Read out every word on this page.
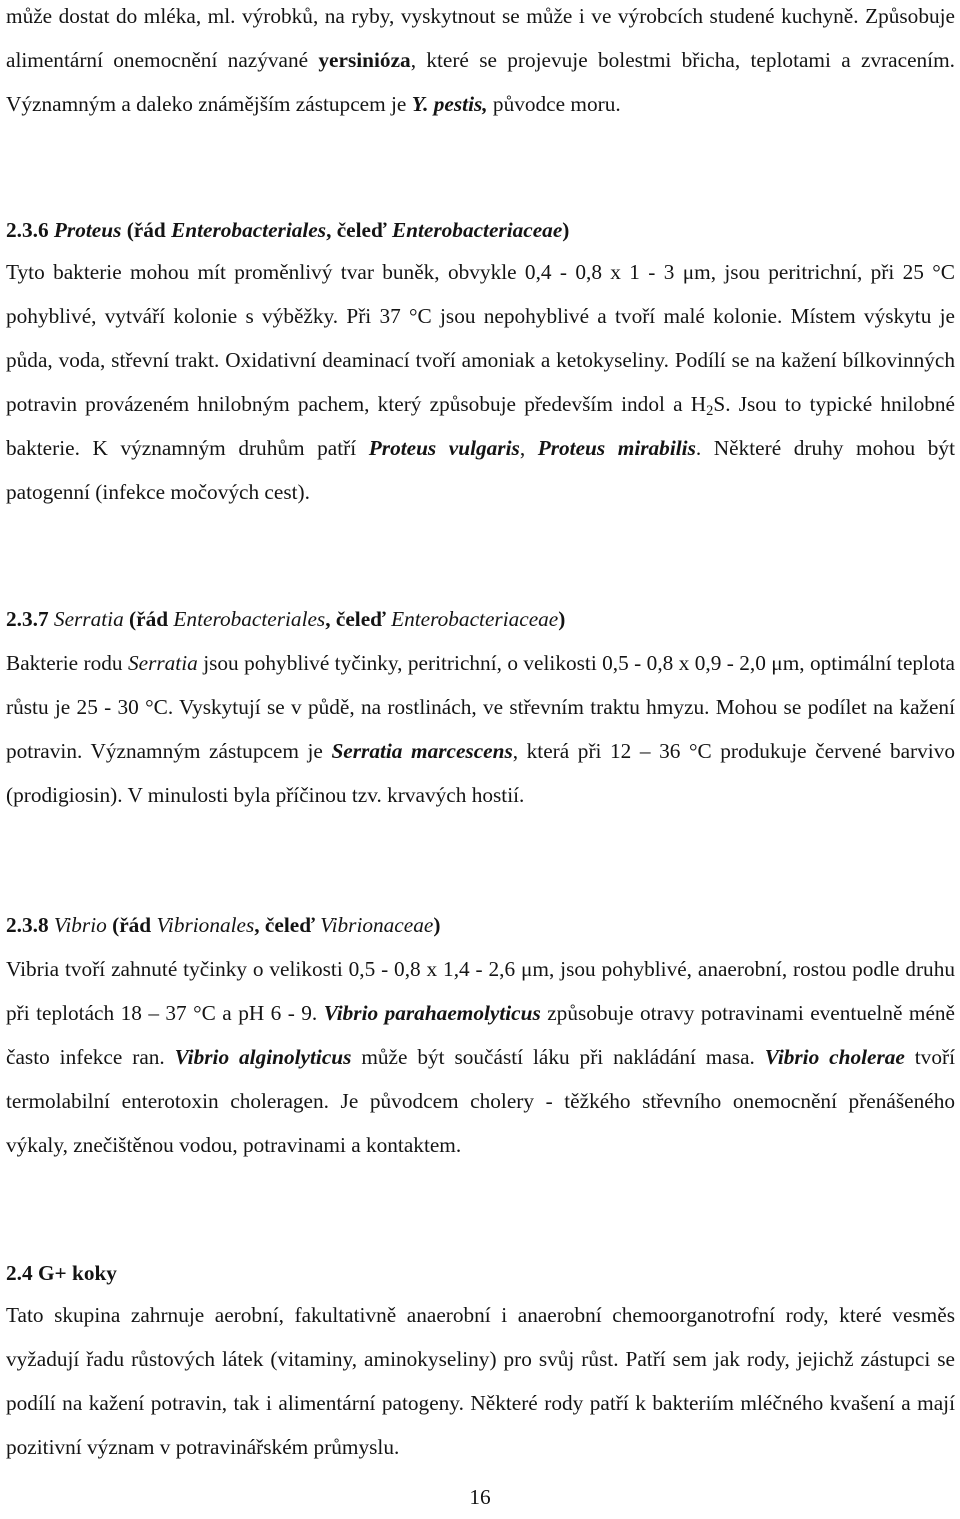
může dostat do mléka, ml. výrobků, na ryby, vyskytnout se může i ve výrobcích studené kuchyně. Způsobuje alimentární onemocnění nazývané yersinióza, které se projevuje bolestmi břicha, teplotami a zvracením. Významným a daleko známějším zástupcem je Y. pestis, původce moru.

2.3.6 Proteus (řád Enterobacteriales, čeleď Enterobacteriaceae)

Tyto bakterie mohou mít proměnlivý tvar buněk, obvykle 0,4 - 0,8 x 1 - 3 μm, jsou peritrichní, při 25 °C pohyblivé, vytváří kolonie s výběžky. Při 37 °C jsou nepohyblivé a tvoří malé kolonie. Místem výskytu je půda, voda, střevní trakt. Oxidativní deaminací tvoří amoniak a ketokyseliny. Podílí se na kažení bílkovinných potravin provázeném hnilobným pachem, který způsobuje především indol a $H_2S$. Jsou to typické hnilobné bakterie. K významným druhům patří Proteus vulgaris, Proteus mirabilis. Některé druhy mohou být patogenní (infekce močových cest).

2.3.7 Serratia (řád Enterobacteriales, čeleď Enterobacteriaceae)

Bakterie rodu Serratia jsou pohyblivé tyčinky, peritrichní, o velikosti 0,5 - 0,8 x 0,9 - 2,0 μm, optimální teplota růstu je 25 - 30 °C. Vyskytují se v půdě, na rostlinách, ve střevním traktu hmyzu. Mohou se podílet na kažení potravin. Významným zástupcem je Serratia marcescens, která při 12 – 36 °C produkuje červené barvivo (prodigiosin). V minulosti byla příčinou tzv. krvavých hostií.

2.3.8 Vibrio (řád Vibrionales, čeleď Vibrionaceae)

Vibria tvoří zahnuté tyčinky o velikosti 0,5 - 0,8 x 1,4 - 2,6 μm, jsou pohyblivé, anaerobní, rostou podle druhu při teplotách 18 – 37 °C a pH 6 - 9. Vibrio parahaemolyticus způsobuje otravy potravinami eventuelně méně často infekce ran. Vibrio alginolyticus může být součástí láku při nakládání masa. Vibrio cholerae tvoří termolabilní enterotoxin choleragen. Je původcem cholery - těžkého střevního onemocnění přenášeného výkaly, znečištěnou vodou, potravinami a kontaktem.

2.4 G+ koky

Tato skupina zahrnuje aerobní, fakultativně anaerobní i anaerobní chemoorganotrofní rody, které vesměs vyžadují řadu růstových látek (vitaminy, aminokyseliny) pro svůj růst. Patří sem jak rody, jejichž zástupci se podílí na kažení potravin, tak i alimentární patogeny. Některé rody patří k bakteriím mléčného kvašení a mají pozitivní význam v potravinářském průmyslu.

16
